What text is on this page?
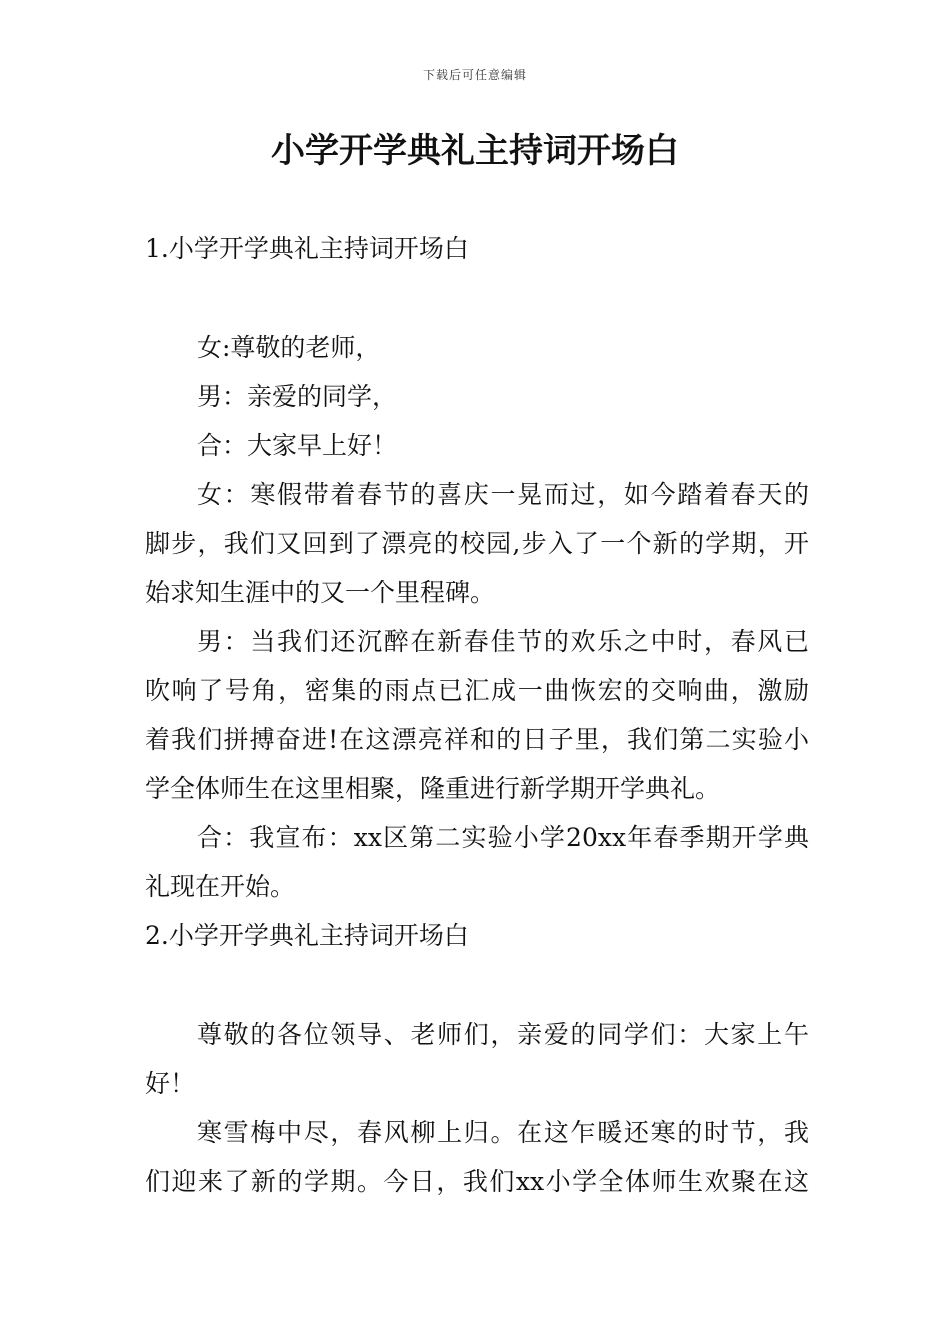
下载后可任意编辑
小学开学典礼主持词开场白

1.小学开学典礼主持词开场白

女:尊敬的老师，

男：亲爱的同学，

合：大家早上好！

女：寒假带着春节的喜庆一晃而过，如今踏着春天的

脚步，我们又回到了漂亮的校园,步入了一个新的学期，开

始求知生涯中的又一个里程碑。

男：当我们还沉醉在新春佳节的欢乐之中时，春风已

吹响了号角，密集的雨点已汇成一曲恢宏的交响曲，激励

着我们拼搏奋进!在这漂亮祥和的日子里，我们第二实验小

学全体师生在这里相聚，隆重进行新学期开学典礼。

合：我宣布：xx区第二实验小学20xx年春季期开学典

礼现在开始。

2.小学开学典礼主持词开场白

尊敬的各位领导、老师们，亲爱的同学们：大家上午

好！

寒雪梅中尽，春风柳上归。在这乍暖还寒的时节，我

们迎来了新的学期。今日，我们xx小学全体师生欢聚在这
